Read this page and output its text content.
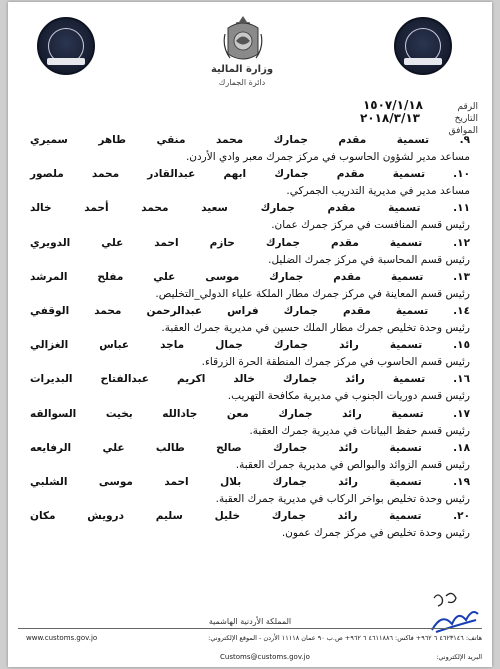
وزارة المالية
دائرة الجمارك
الرقم
١٥٠٧/١/١٨
التاريخ
٢٠١٨/٣/١٣
الموافق
٩. تسمية مقدم جمارك محمد منقي طاهر سميري
مساعد مدير لشؤون الحاسوب في مركز جمرك معبر وادي الأردن.
١٠. تسمية مقدم جمارك ابهم عبدالقادر محمد ملصور
مساعد مدير في مديرية التدريب الجمركي.
١١. تسمية مقدم جمارك سعيد محمد أحمد خالد
رئيس قسم المنافست في مركز جمرك عمان.
١٢. تسمية مقدم جمارك حازم احمد علي الدويري
رئيس قسم المحاسبة في مركز جمرك الضليل.
١٣. تسمية مقدم جمارك موسى علي مفلح المرشد
رئيس قسم المعاينة في مركز جمرك مطار الملكة علياء الدولي_التخليص.
١٤. تسمية مقدم جمارك فراس عبدالرحمن محمد الوقفي
رئيس وحدة تخليص جمرك مطار الملك حسين في مديرية جمرك العقبة.
١٥. تسمية رائد جمارك جمال ماجد عباس الغزالي
رئيس قسم الحاسوب في مركز جمرك المنطقة الحرة الزرقاء.
١٦. تسمية رائد جمارك خالد اكريم عبدالفتاح البديرات
رئيس قسم دوريات الجنوب في مديرية مكافحة التهريب.
١٧. تسمية رائد جمارك معن جادالله بخيت السوالقه
رئيس قسم حفظ البيانات في مديرية جمرك العقبة.
١٨. تسمية رائد جمارك صالح طالب علي الرفايعه
رئيس قسم الزوائد والبوالص في مديرية جمرك العقبة.
١٩. تسمية رائد جمارك بلال احمد موسى الشلبي
رئيس وحدة تخليص بواخر الركاب في مديرية جمرك العقبة.
٢٠. تسمية رائد جمارك خليل سليم درويش مكان
رئيس وحدة تخليص في مركز جمرك عمون.
المملكة الأردنية الهاشمية
هاتف: ٤٦٢٣١٤٦ ٦ ٩٦٢+ فاكس: ٤٦١١٨٨٦ ٦ ٩٦٢+ ص.ب ٩٠ عمان ١١١١٨ الأردن - الموقع الإلكتروني:
www.customs.gov.jo
البريد الإلكتروني:
Customs@customs.gov.jo
